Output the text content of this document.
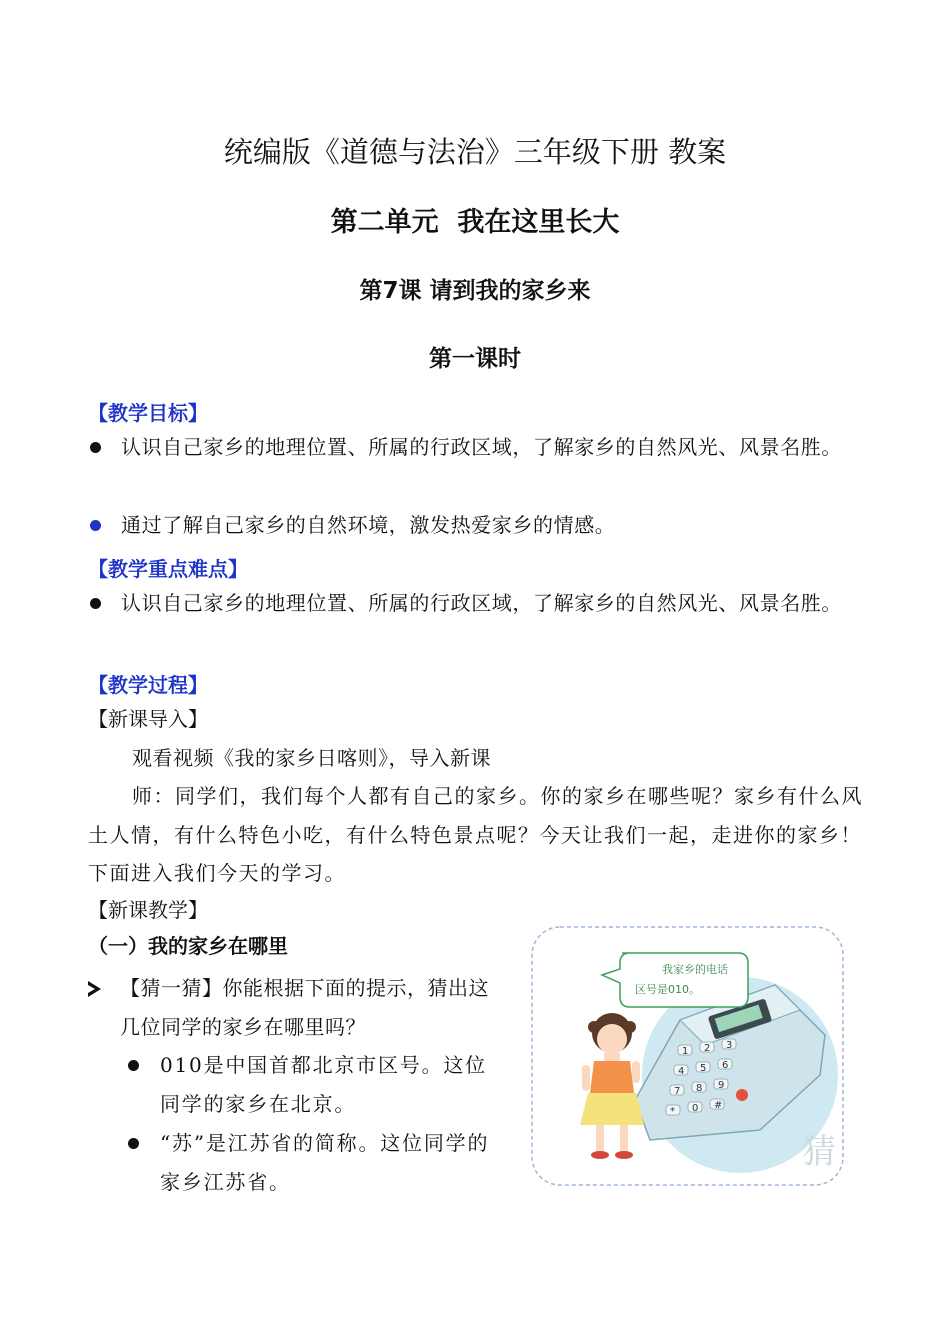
统编版《道德与法治》三年级下册 教案
第二单元  我在这里长大
第7课 请到我的家乡来
第一课时
【教学目标】
认识自己家乡的地理位置、所属的行政区域，了解家乡的自然风光、风景名胜。
通过了解自己家乡的自然环境，激发热爱家乡的情感。
【教学重点难点】
认识自己家乡的地理位置、所属的行政区域，了解家乡的自然风光、风景名胜。
【教学过程】
【新课导入】
观看视频《我的家乡日喀则》，导入新课
师：同学们，我们每个人都有自己的家乡。你的家乡在哪些呢？家乡有什么风土人情，有什么特色小吃，有什么特色景点呢？今天让我们一起，走进你的家乡！下面进入我们今天的学习。
【新课教学】
（一）我的家乡在哪里
【猜一猜】你能根据下面的提示，猜出这几位同学的家乡在哪里吗？
010是中国首都北京市区号。这位同学的家乡在北京。
“苏”是江苏省的简称。这位同学的家乡江苏省。
1 2 3
4 5 6
7 8 9
* 0 #
猜
我家乡的电话
区号是010。
